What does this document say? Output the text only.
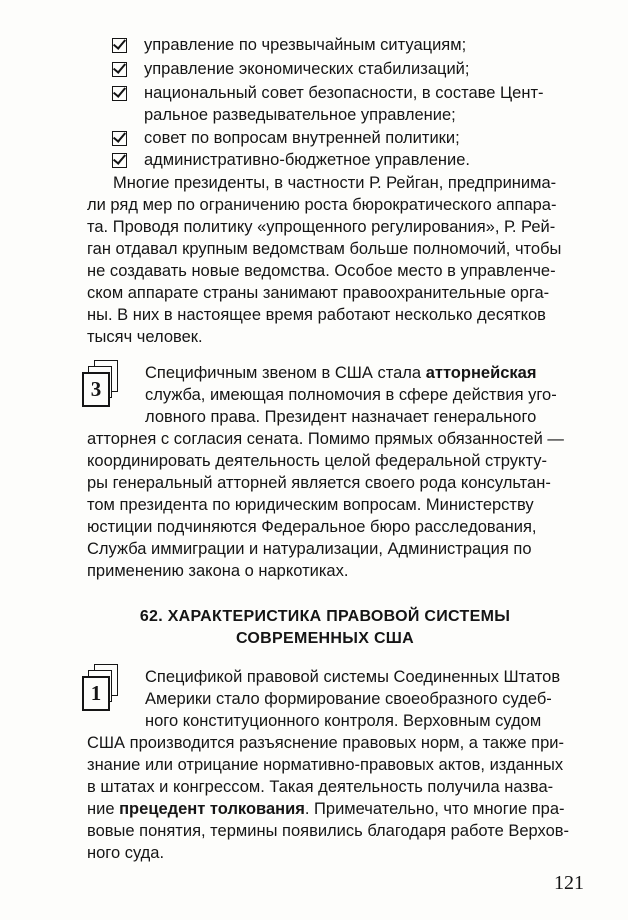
управление по чрезвычайным ситуациям;
управление экономических стабилизаций;
национальный совет безопасности, в составе Цент-
ральное разведывательное управление;
совет по вопросам внутренней политики;
административно-бюджетное управление.
Многие президенты, в частности Р. Рейган, предпринима-
ли ряд мер по ограничению роста бюрократического аппара-
та. Проводя политику «упрощенного регулирования», Р. Рей-
ган отдавал крупным ведомствам больше полномочий, чтобы
не создавать новые ведомства. Особое место в управленче-
ском аппарате страны занимают правоохранительные орга-
ны. В них в настоящее время работают несколько десятков
тысяч человек.
3
Специфичным звеном в США стала атторнейская
служба, имеющая полномочия в сфере действия уго-
ловного права. Президент назначает генерального
атторнея с согласия сената. Помимо прямых обязанностей —
координировать деятельность целой федеральной структу-
ры генеральный атторней является своего рода консультан-
том президента по юридическим вопросам. Министерству
юстиции подчиняются Федеральное бюро расследования,
Служба иммиграции и натурализации, Администрация по
применению закона о наркотиках.
62. ХАРАКТЕРИСТИКА ПРАВОВОЙ СИСТЕМЫ
СОВРЕМЕННЫХ США
1
Спецификой правовой системы Соединенных Штатов
Америки стало формирование своеобразного судеб-
ного конституционного контроля. Верховным судом
США производится разъяснение правовых норм, а также при-
знание или отрицание нормативно-правовых актов, изданных
в штатах и конгрессом. Такая деятельность получила назва-
ние прецедент толкования. Примечательно, что многие пра-
вовые понятия, термины появились благодаря работе Верхов-
ного суда.
121
